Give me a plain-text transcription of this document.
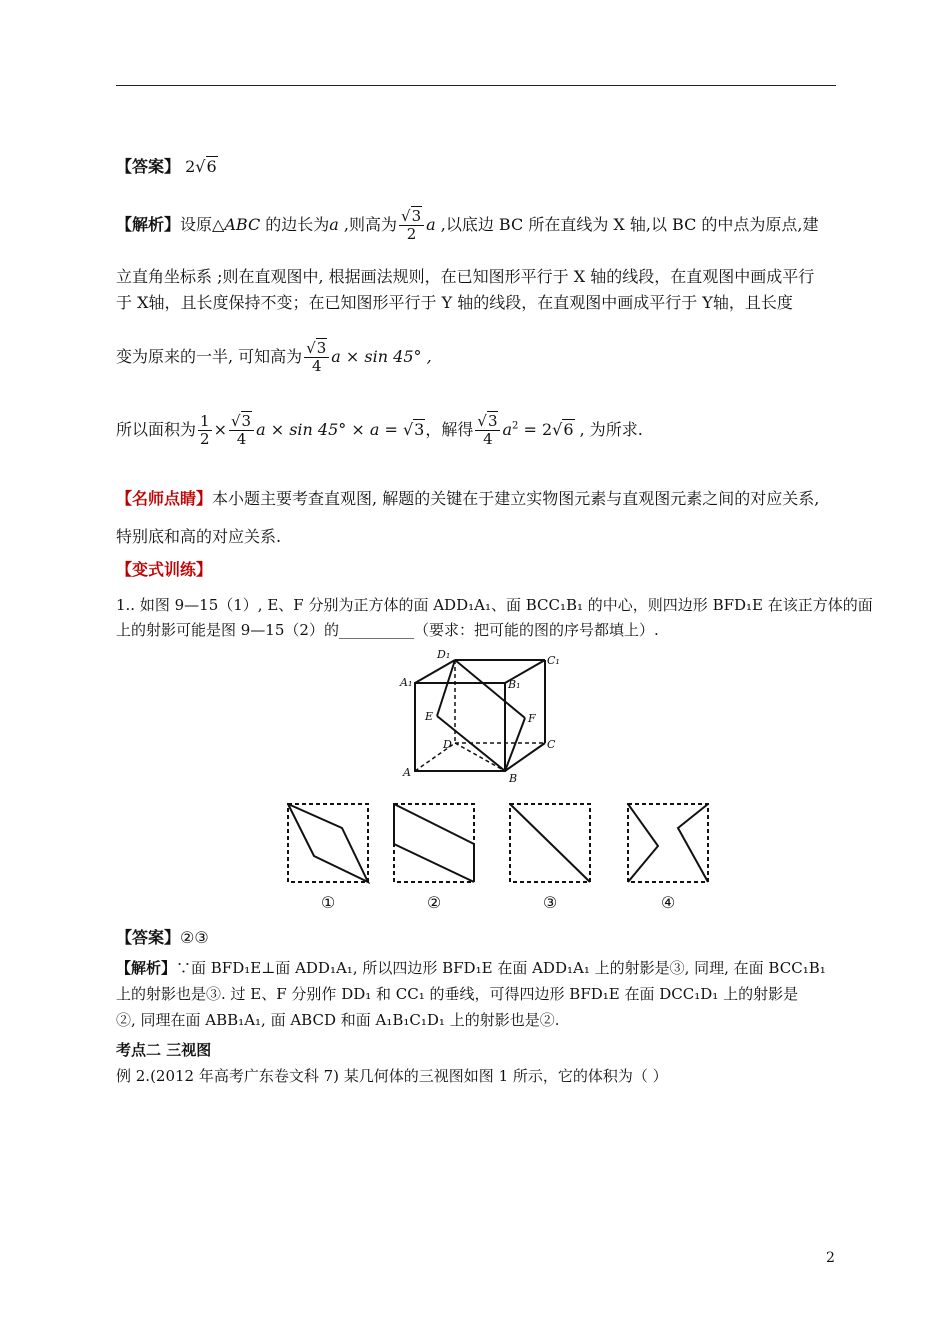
【答案】 2√6
【解析】设原△ABC 的边长为a ,则高为 $\frac{√3}{2}$ a ,以底边 BC 所在直线为 X 轴,以 BC 的中点为原点,建
立直角坐标系 ;则在直观图中, 根据画法规则，在已知图形平行于 X 轴的线段，在直观图中画成平行
于 X轴，且长度保持不变；在已知图形平行于 Y 轴的线段，在直观图中画成平行于 Y轴，且长度
变为原来的一半, 可知高为 $\frac{√3}{4}$ a × sin 45° ,
所以面积为 $\frac{1}{2} \times \frac{√3}{4}$ a × sin 45° × a = √3，解得 $\frac{√3}{4} a^2 = 2√6$ , 为所求.
【名师点睛】本小题主要考查直观图, 解题的关键在于建立实物图元素与直观图元素之间的对应关系,
特别底和高的对应关系.
【变式训练】
1.. 如图 9—15（1）, E、F 分别为正方体的面 ADD₁A₁、面 BCC₁B₁ 的中心，则四边形 BFD₁E 在该正方体的面
上的射影可能是图 9—15（2）的__________（要求：把可能的图的序号都填上）.
D₁	C₁
A₁	B₁
E	F
D	C
A	B
①	②	③	④
【答案】②③
【解析】∵面 BFD₁E⊥面 ADD₁A₁, 所以四边形 BFD₁E 在面 ADD₁A₁ 上的射影是③, 同理, 在面 BCC₁B₁
上的射影也是③. 过 E、F 分别作 DD₁ 和 CC₁ 的垂线，可得四边形 BFD₁E 在面 DCC₁D₁ 上的射影是
②, 同理在面 ABB₁A₁, 面 ABCD 和面 A₁B₁C₁D₁ 上的射影也是②.
考点二 三视图
例 2.(2012 年高考广东卷文科 7) 某几何体的三视图如图 1 所示，它的体积为（ ）
2
